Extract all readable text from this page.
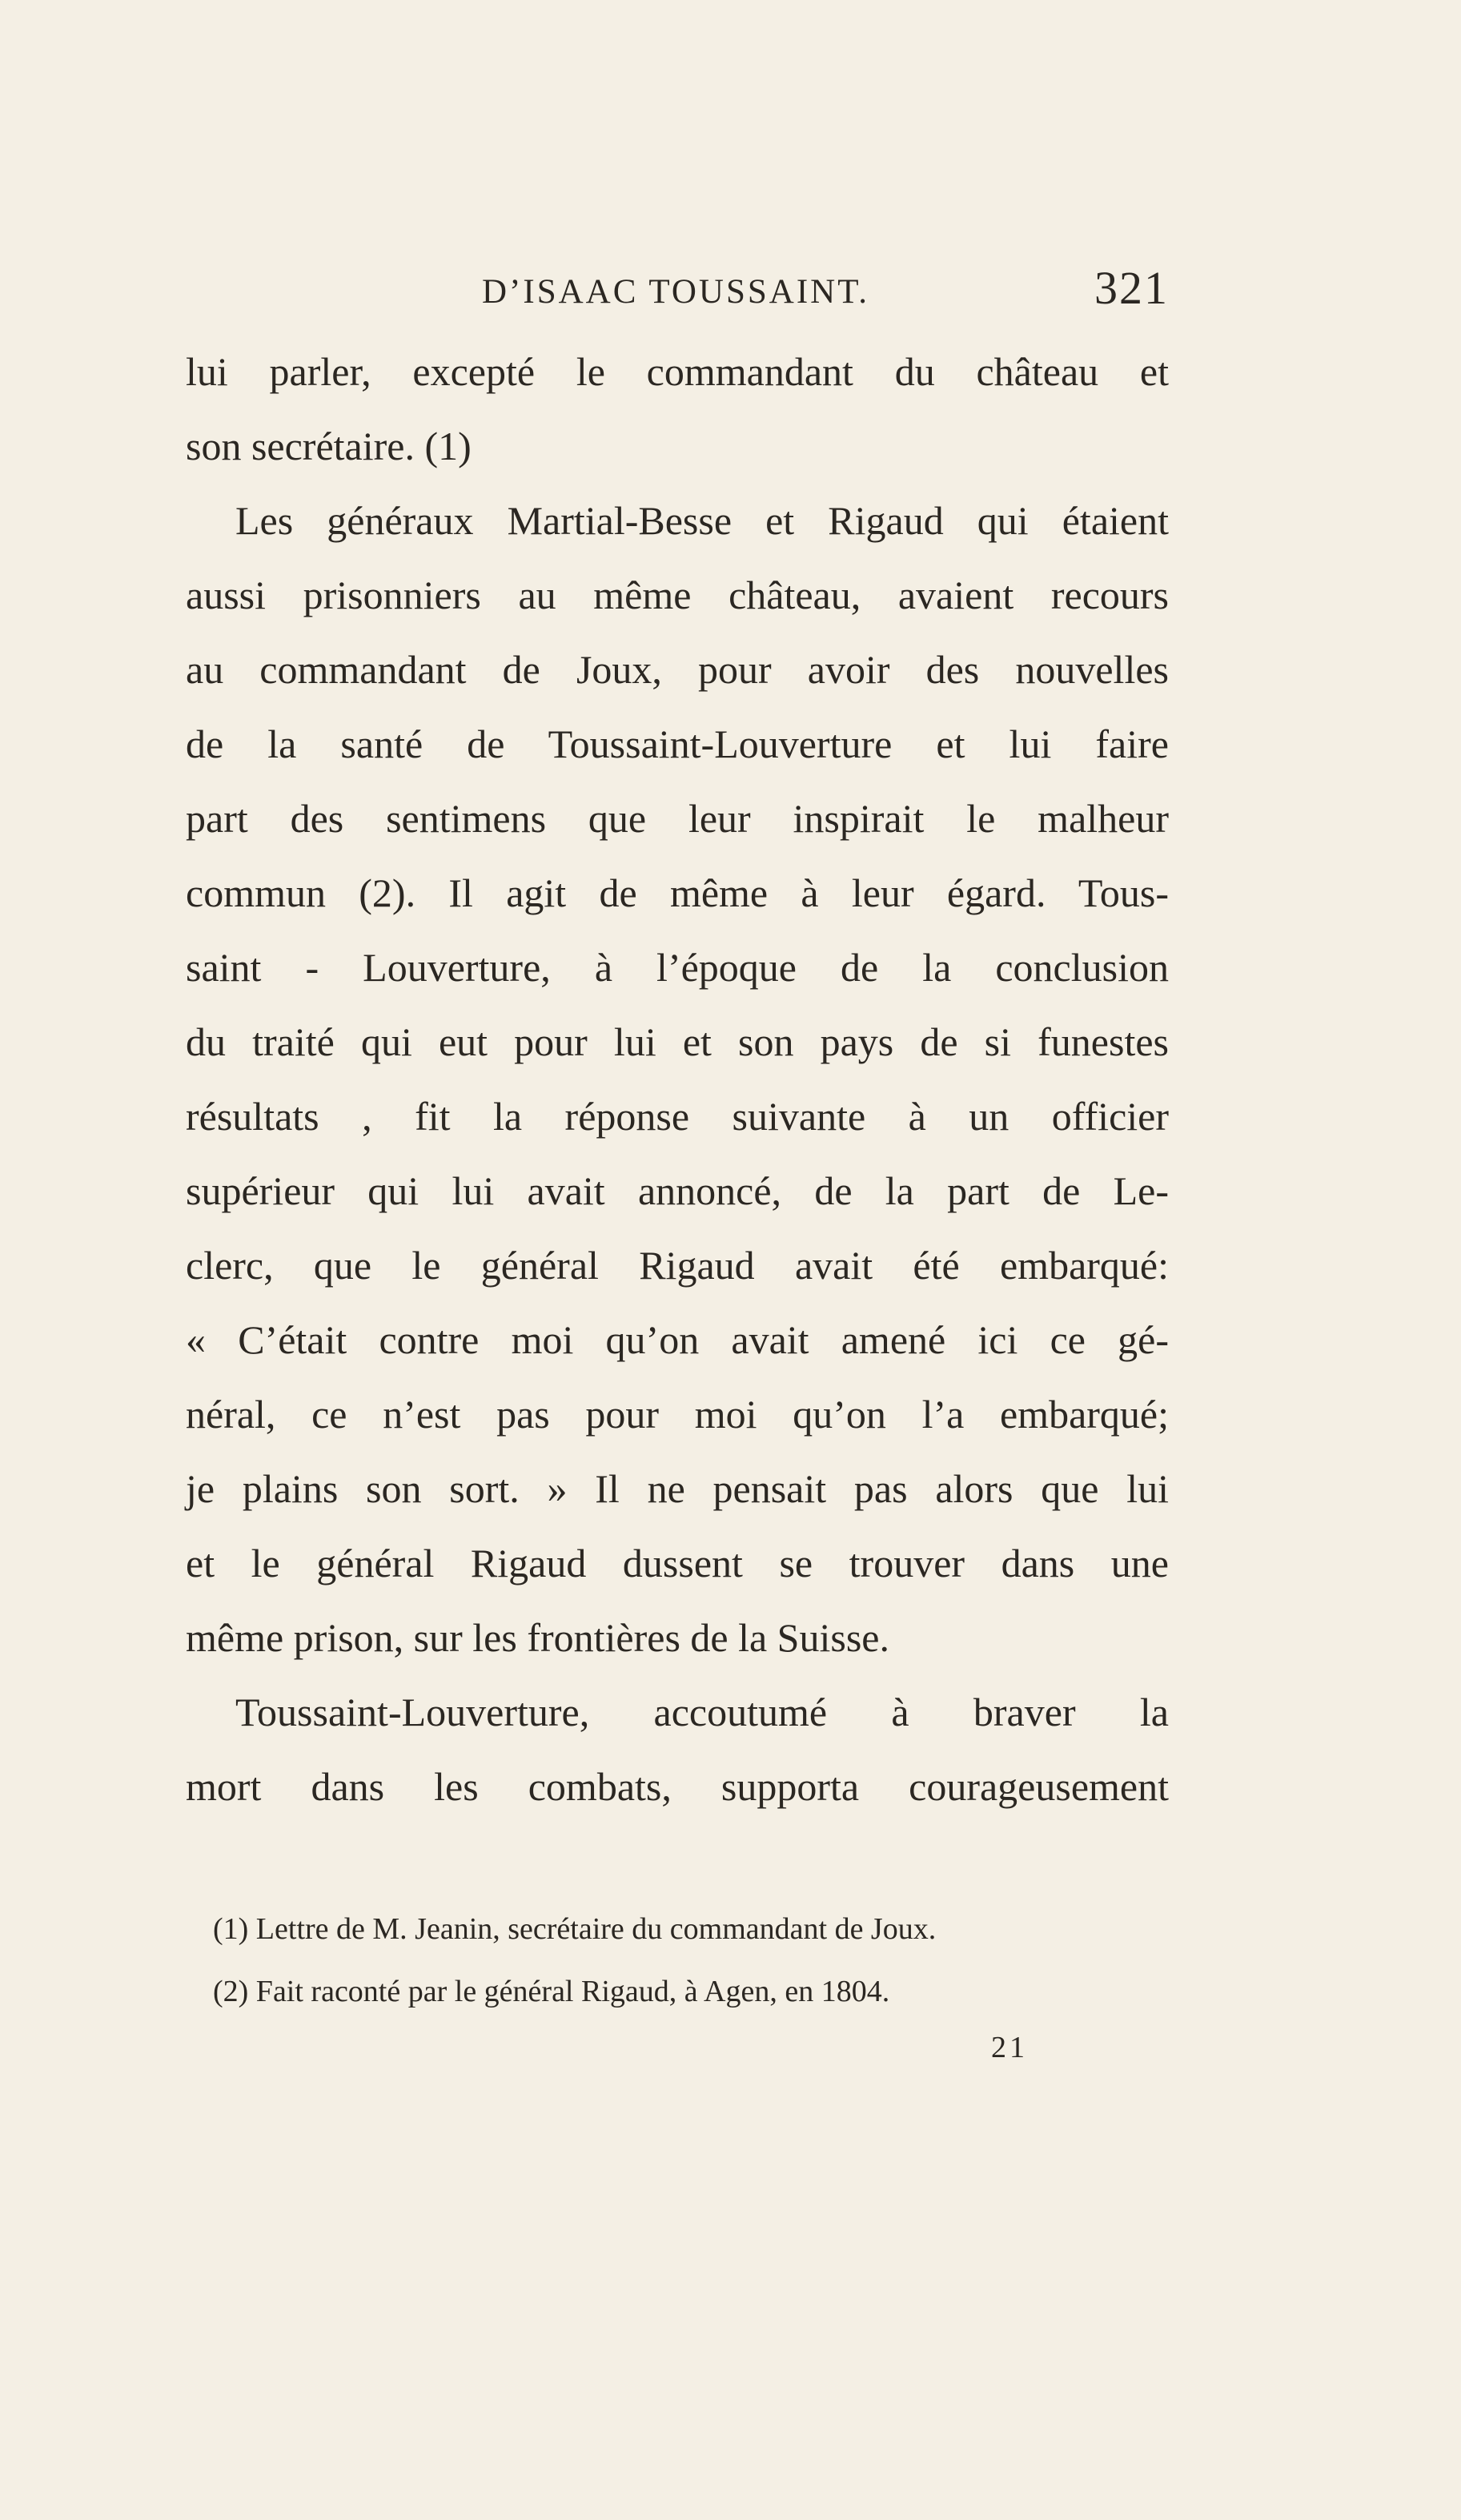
D’ISAAC TOUSSAINT.	321
lui parler, excepté le commandant du château et
son secrétaire. (1)
Les généraux Martial-Besse et Rigaud qui étaient
aussi prisonniers au même château, avaient recours
au commandant de Joux, pour avoir des nouvelles
de la santé de Toussaint-Louverture et lui faire
part des sentimens que leur inspirait le malheur
commun (2). Il agit de même à leur égard. Tous-
saint - Louverture, à l’époque de la conclusion
du traité qui eut pour lui et son pays de si funestes
résultats , fit la réponse suivante à un officier
supérieur qui lui avait annoncé, de la part de Le-
clerc, que le général Rigaud avait été embarqué:
« C’était contre moi qu’on avait amené ici ce gé-
néral, ce n’est pas pour moi qu’on l’a embarqué;
je plains son sort. » Il ne pensait pas alors que lui
et le général Rigaud dussent se trouver dans une
même prison, sur les frontières de la Suisse.
Toussaint-Louverture, accoutumé à braver la
mort dans les combats, supporta courageusement
(1) Lettre de M. Jeanin, secrétaire du commandant de Joux.
(2) Fait raconté par le général Rigaud, à Agen, en 1804.
21
